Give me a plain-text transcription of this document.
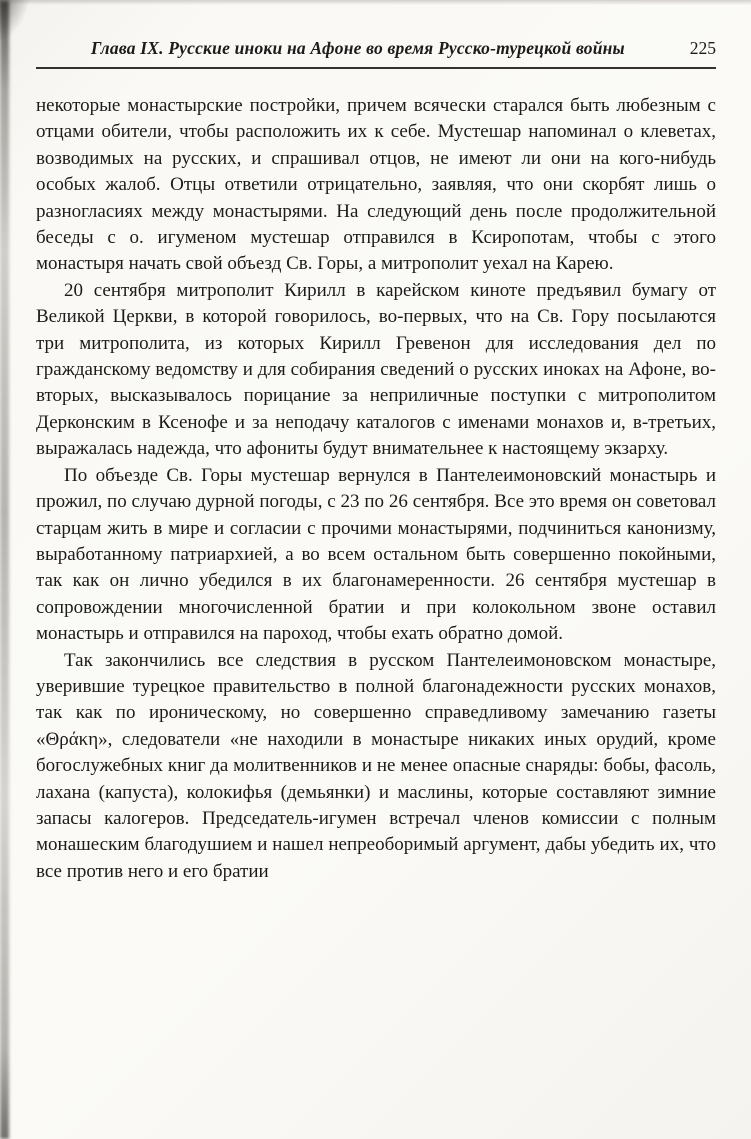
Глава IX. Русские иноки на Афоне во время Русско-турецкой войны	225

некоторые монастырские постройки, причем всячески старался быть любезным с отцами обители, чтобы расположить их к себе. Мустешар напоминал о клеветах, возводимых на русских, и спрашивал отцов, не имеют ли они на кого-нибудь особых жалоб. Отцы ответили отрицательно, заявляя, что они скорбят лишь о разногласиях между монастырями. На следующий день после продолжительной беседы с о. игуменом мустешар отправился в Ксиропотам, чтобы с этого монастыря начать свой объезд Св. Горы, а митрополит уехал на Карею.

20 сентября митрополит Кирилл в карейском киноте предъявил бумагу от Великой Церкви, в которой говорилось, во-первых, что на Св. Гору посылаются три митрополита, из которых Кирилл Гревенон для исследования дел по гражданскому ведомству и для собирания сведений о русских иноках на Афоне, во-вторых, высказывалось порицание за неприличные поступки с митрополитом Дерконским в Ксенофе и за неподачу каталогов с именами монахов и, в-третьих, выражалась надежда, что афониты будут внимательнее к настоящему экзарху.

По объезде Св. Горы мустешар вернулся в Пантелеимоновский монастырь и прожил, по случаю дурной погоды, с 23 по 26 сентября. Все это время он советовал старцам жить в мире и согласии с прочими монастырями, подчиниться канонизму, выработанному патриархией, а во всем остальном быть совершенно покойными, так как он лично убедился в их благонамеренности. 26 сентября мустешар в сопровождении многочисленной братии и при колокольном звоне оставил монастырь и отправился на пароход, чтобы ехать обратно домой.

Так закончились все следствия в русском Пантелеимоновском монастыре, уверившие турецкое правительство в полной благонадежности русских монахов, так как по ироническому, но совершенно справедливому замечанию газеты «Θράκη», следователи «не находили в монастыре никаких иных орудий, кроме богослужебных книг да молитвенников и не менее опасные снаряды: бобы, фасоль, лахана (капуста), колокифья (демьянки) и маслины, которые составляют зимние запасы калогеров. Председатель-игумен встречал членов комиссии с полным монашеским благодушием и нашел непреоборимый аргумент, дабы убедить их, что все против него и его братии
